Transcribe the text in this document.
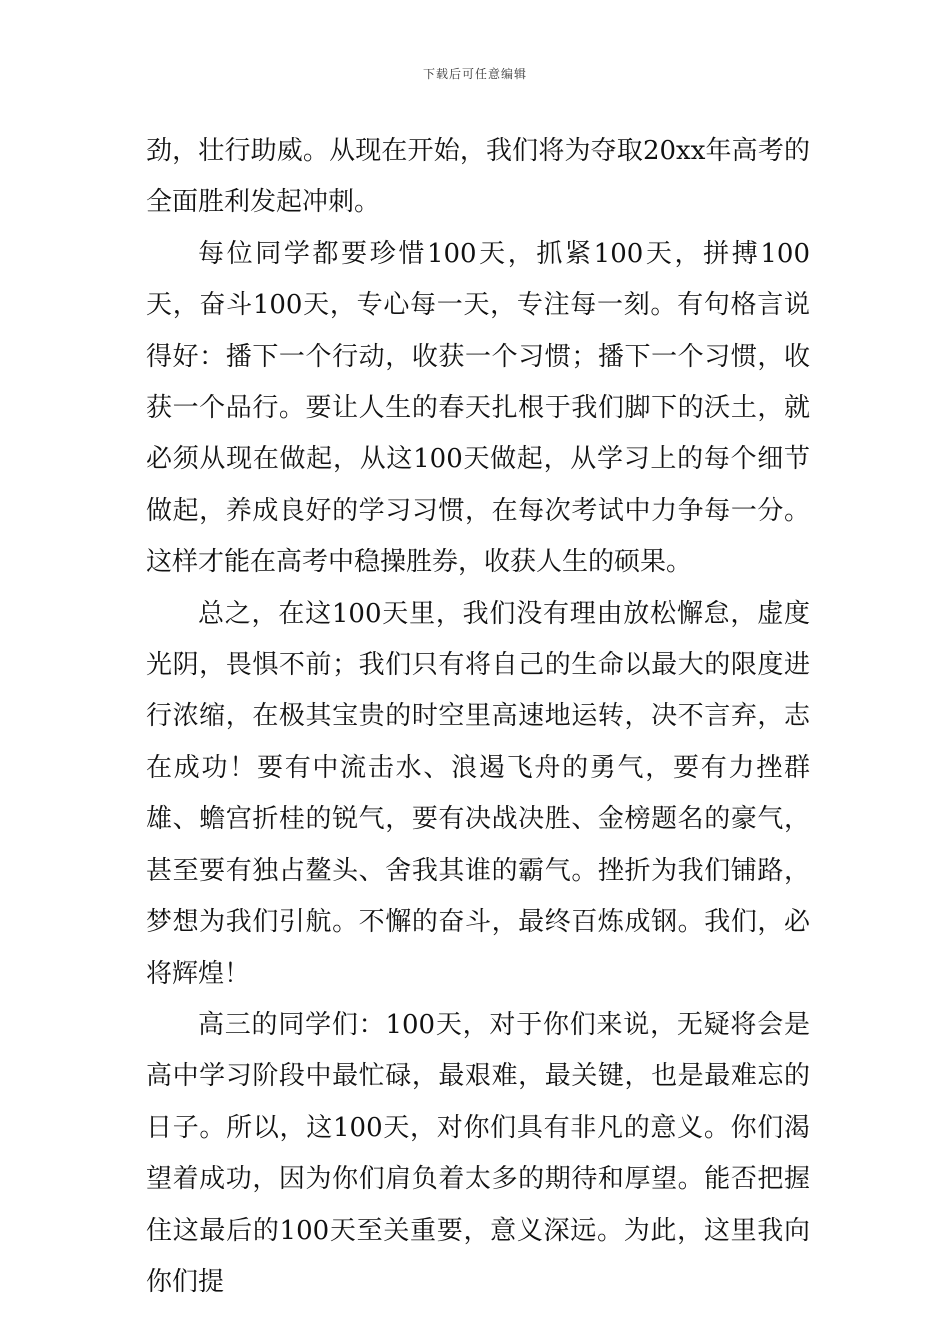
下载后可任意编辑

劲，壮行助威。从现在开始，我们将为夺取20xx年高考的全面胜利发起冲刺。

每位同学都要珍惜100天，抓紧100天，拼搏100天，奋斗100天，专心每一天，专注每一刻。有句格言说得好：播下一个行动，收获一个习惯；播下一个习惯，收获一个品行。要让人生的春天扎根于我们脚下的沃土，就必须从现在做起，从这100天做起，从学习上的每个细节做起，养成良好的学习习惯，在每次考试中力争每一分。这样才能在高考中稳操胜券，收获人生的硕果。

总之，在这100天里，我们没有理由放松懈怠，虚度光阴，畏惧不前；我们只有将自己的生命以最大的限度进行浓缩，在极其宝贵的时空里高速地运转，决不言弃，志在成功！要有中流击水、浪遏飞舟的勇气，要有力挫群雄、蟾宫折桂的锐气，要有决战决胜、金榜题名的豪气，甚至要有独占鳌头、舍我其谁的霸气。挫折为我们铺路，梦想为我们引航。不懈的奋斗，最终百炼成钢。我们，必将辉煌！

高三的同学们：100天，对于你们来说，无疑将会是高中学习阶段中最忙碌，最艰难，最关键，也是最难忘的日子。所以，这100天，对你们具有非凡的意义。你们渴望着成功，因为你们肩负着太多的期待和厚望。能否把握住这最后的100天至关重要，意义深远。为此，这里我向你们提
